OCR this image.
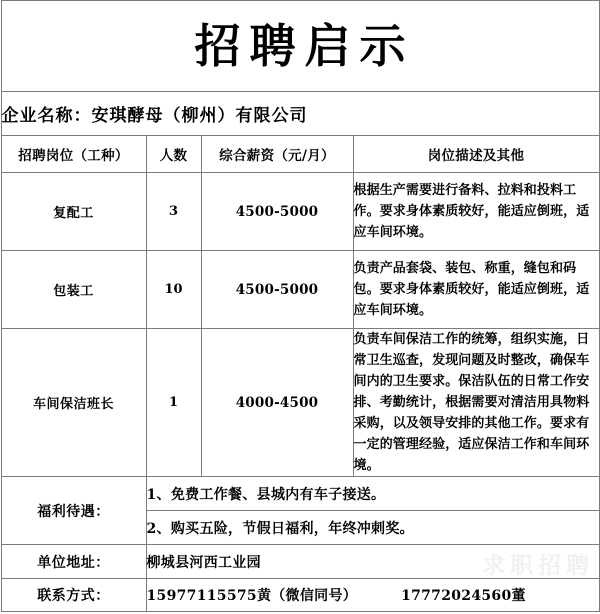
求职招聘
招聘启示			
企业名称：安琪酵母（柳州）有限公司			
招聘岗位（工种）	人数	综合薪资（元/月）	岗位描述及其他
复配工	3	4500-5000	根据生产需要进行备料、拉料和投料工作。要求身体素质较好，能适应倒班，适应车间环境。
包装工	10	4500-5000	负责产品套袋、装包、称重，缝包和码包。要求身体素质较好，能适应倒班，适应车间环境。
车间保洁班长	1	4000-4500	负责车间保洁工作的统筹，组织实施，日常卫生巡查，发现问题及时整改，确保车间内的卫生要求。保洁队伍的日常工作安排、考勤统计，根据需要对清洁用具物料采购，以及领导安排的其他工作。要求有一定的管理经验，适应保洁工作和车间环境。
福利待遇：	1、免费工作餐、县城内有车子接送。		
	2、购买五险，节假日福利，年终冲刺奖。		
单位地址：	柳城县河西工业园		
联系方式：	15977115575黄（微信同号） 17772024560董		
